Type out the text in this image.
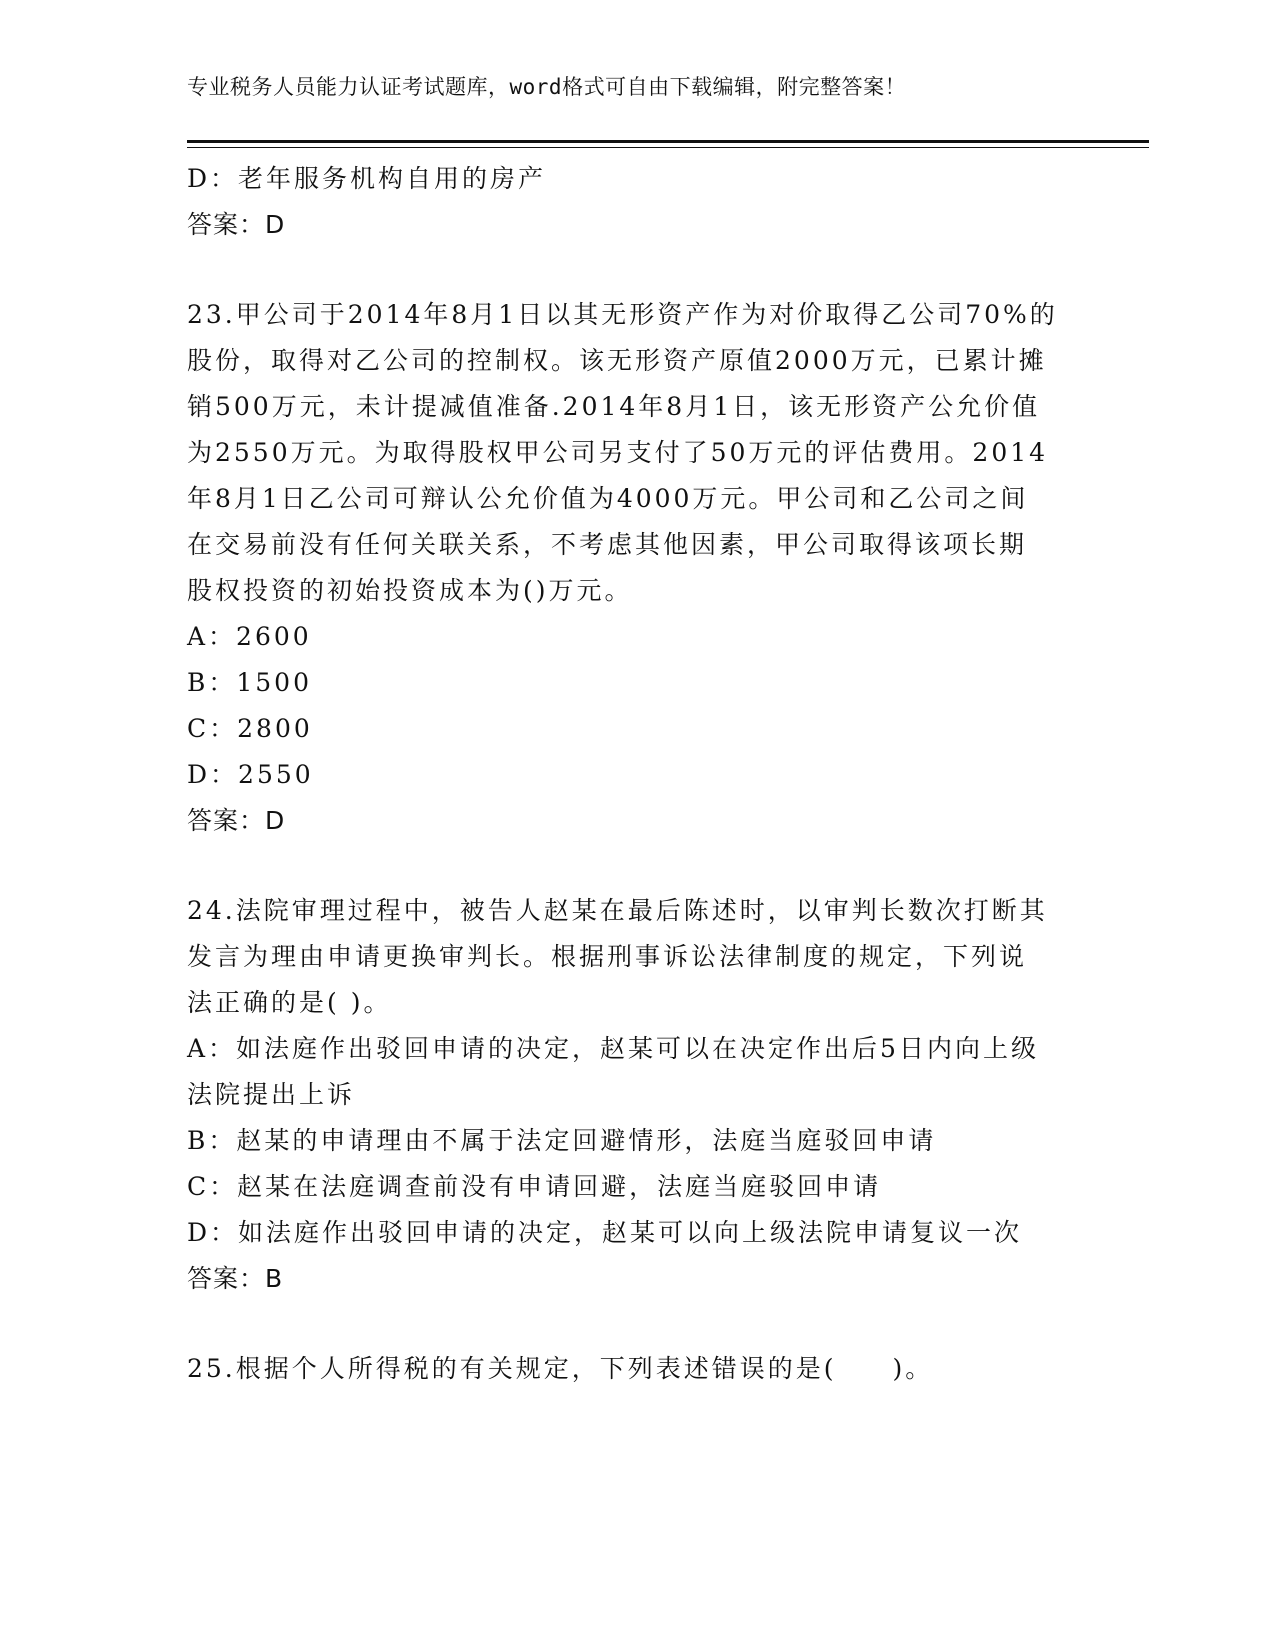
专业税务人员能力认证考试题库，word格式可自由下载编辑，附完整答案！
D：老年服务机构自用的房产
答案：D
23.甲公司于2014年8月1日以其无形资产作为对价取得乙公司70%的
股份，取得对乙公司的控制权。该无形资产原值2000万元，已累计摊
销500万元，未计提减值准备.2014年8月1日，该无形资产公允价值
为2550万元。为取得股权甲公司另支付了50万元的评估费用。2014
年8月1日乙公司可辩认公允价值为4000万元。甲公司和乙公司之间
在交易前没有任何关联关系，不考虑其他因素，甲公司取得该项长期
股权投资的初始投资成本为()万元。
A：2600
B：1500
C：2800
D：2550
答案：D
24.法院审理过程中，被告人赵某在最后陈述时，以审判长数次打断其
发言为理由申请更换审判长。根据刑事诉讼法律制度的规定，下列说
法正确的是( )。
A：如法庭作出驳回申请的决定，赵某可以在决定作出后5日内向上级
法院提出上诉
B：赵某的申请理由不属于法定回避情形，法庭当庭驳回申请
C：赵某在法庭调查前没有申请回避，法庭当庭驳回申请
D：如法庭作出驳回申请的决定，赵某可以向上级法院申请复议一次
答案：B
25.根据个人所得税的有关规定，下列表述错误的是(　　)。
